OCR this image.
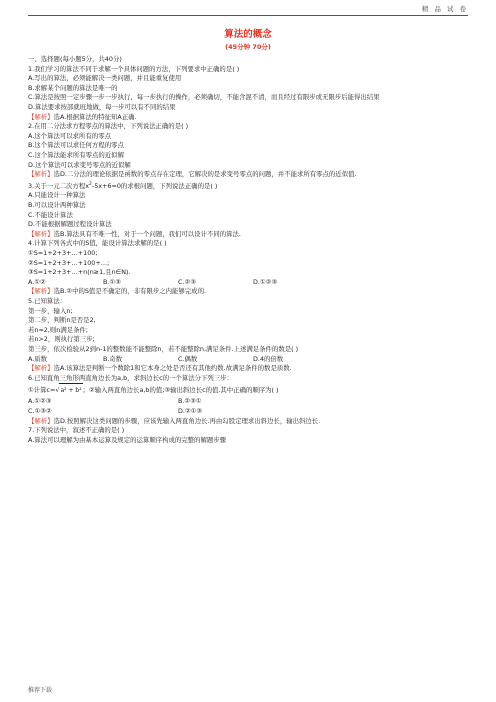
精 品 试 卷
算法的概念
(45分钟 70分)
一、选择题(每小题5分，共40分)
1.我们学习的算法不同于求解一个具体问题的方法，下列要求中正确的是( )
A.写出的算法，必须能解决一类问题，并且能重复使用
B.求解某个问题的算法是唯一的
C.算法是按照一定步骤一步一步执行，每一步执行的操作，必须确切，不能含混不清，而且经过有限步或无限步后能得出结果
D.算法要求按部就班地做，每一步可以有不同的结果
【解析】选A.根据算法的特征知A正确.
2.在用二分法求方程零点的算法中，下列说法正确的是( )
A.这个算法可以求所有的零点
B.这个算法可以求任何方程的零点
C.这个算法能求所有零点的近似解
D.这个算法可以求变号零点的近似解
【解析】选D.二分法的理论依据是函数的零点存在定理，它解决的是求变号零点的问题，并不能求所有零点的近似值.
3.关于一元二次方程$x^2-5x+6=0$的求根问题，下列说法正确的是( )
A.只能设计一种算法
B.可以设计两种算法
C.不能设计算法
D.不能根据解题过程设计算法
【解析】选B.算法具有不唯一性，对于一个问题，我们可以设计不同的算法.
4.计算下列各式中的S值，能设计算法求解的是( )
①S=1+2+3+…+100;
②S=1+2+3+…+100+…;
③S=1+2+3+…+n(n≥1,且n∈N).
A.①②	B.①③	C.②③	D.①②③
【解析】选B.②中的S值是不确定的，非有限步之内能够完成的.
5.已知算法：
第一步，输入n;
第二步，判断n是否是2,
若n=2,则n满足条件;
若n>2，则执行第三步;
第三步，依次检验从2到n-1的整数能不能整除n，若不能整除n,满足条件.上述满足条件的数是( )
A.质数	B.奇数	C.偶数	D.4的倍数
【解析】选A.该算法是判断一个数除1和它本身之处是否还有其他约数.故满足条件的数是质数.
6.已知直角三角形两直角边长为a,b，求斜边长c的一个算法分下列三步：
①计算c=√a² + b²；②输入两直角边长a,b的值;③输出斜边长c的值.其中正确的顺序为( )
A.①②③	B.②③①
C.①③②	D.②①③
【解析】选D.按照解决这类问题的步骤，应该先输入两直角边长.再由勾股定理求出斜边长，输出斜边长.
7.下列说法中，叙述不正确的是( )
A.算法可以理解为由基本运算及规定的运算顺序构成的完整的解题步骤
推荐下载
